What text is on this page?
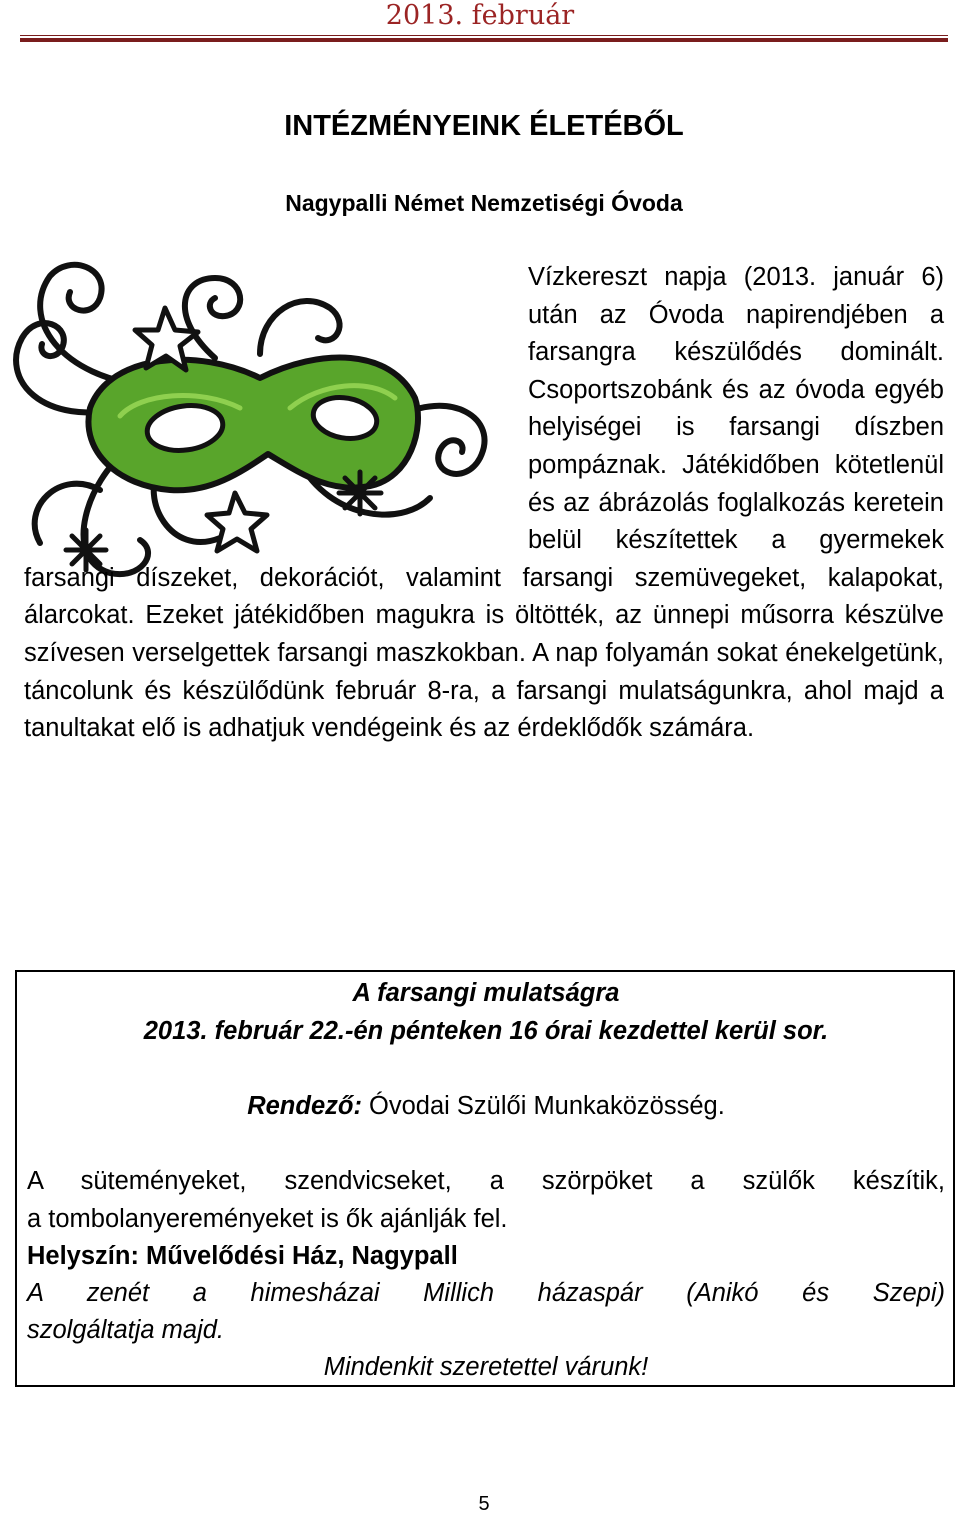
2013. február
INTÉZMÉNYEINK ÉLETÉBŐL
Nagypalli Német Nemzetiségi Óvoda
Vízkereszt napja (2013. január 6) után az Óvoda napirendjében a farsangra készülődés dominált. Csoportszobánk és az óvoda egyéb helyiségei is farsangi díszben pompáznak. Játékidőben kötetlenül és az ábrázolás foglalkozás keretein belül készítettek a gyermekek farsangi díszeket, dekorációt, valamint farsangi szemüvegeket, kalapokat, álarcokat. Ezeket játékidőben magukra is öltötték, az ünnepi műsorra készülve szívesen verselgettek farsangi maszkokban. A nap folyamán sokat énekelgetünk, táncolunk és készülődünk február 8-ra, a farsangi mulatságunkra, ahol majd a tanultakat elő is adhatjuk vendégeink és az érdeklődők számára.
A farsangi mulatságra
2013. február 22.-én pénteken 16 órai kezdettel kerül sor.
Rendező: Óvodai Szülői Munkaközösség.
A süteményeket, szendvicseket, a szörpöket a szülők készítik,
a tombolanyereményeket is ők ajánlják fel.
Helyszín: Művelődési Ház, Nagypall
A zenét a himesházai Millich házaspár (Anikó és Szepi)
szolgáltatja majd.
Mindenkit szeretettel várunk!
5
